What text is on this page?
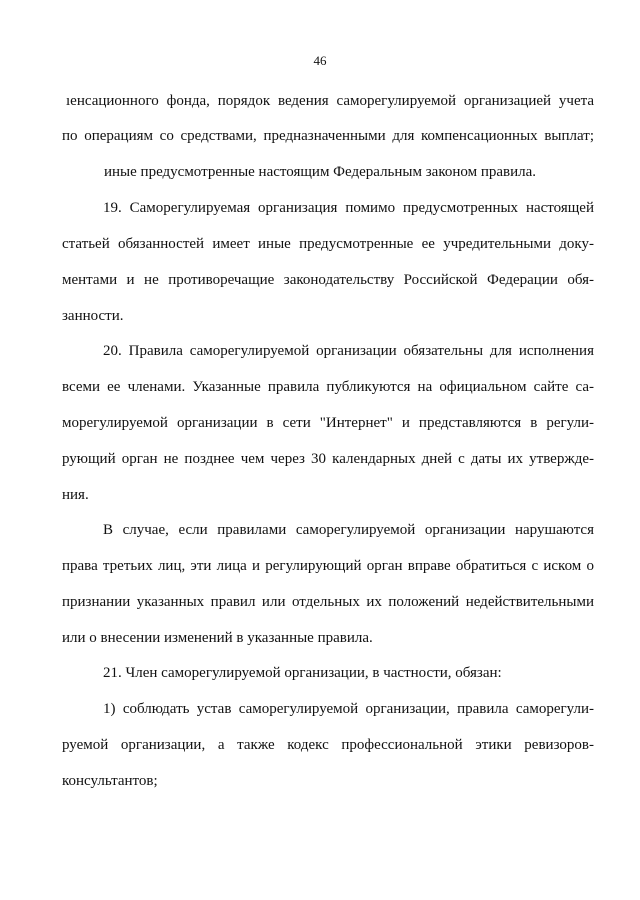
46
ıенсационного фонда, порядок ведения саморегулируемой организацией учета
по операциям со средствами, предназначенными для компенсационных выплат;
иные предусмотренные настоящим Федеральным законом правила.
19. Саморегулируемая организация помимо предусмотренных настоящей
статьей обязанностей имеет иные предусмотренные ее учредительными доку-
ментами и не противоречащие законодательству Российской Федерации обя-
занности.
20. Правила саморегулируемой организации обязательны для исполнения
всеми ее членами. Указанные правила публикуются на официальном сайте са-
морегулируемой организации в сети "Интернет" и представляются в регули-
рующий орган не позднее чем через 30 календарных дней с даты их утвержде-
ния.
В случае, если правилами саморегулируемой организации нарушаются
права третьих лиц, эти лица и регулирующий орган вправе обратиться с иском о
признании указанных правил или отдельных их положений недействительными
или о внесении изменений в указанные правила.
21. Член саморегулируемой организации, в частности, обязан:
1) соблюдать устав саморегулируемой организации, правила саморегули-
руемой организации, а также кодекс профессиональной этики ревизоров-
консультантов;
